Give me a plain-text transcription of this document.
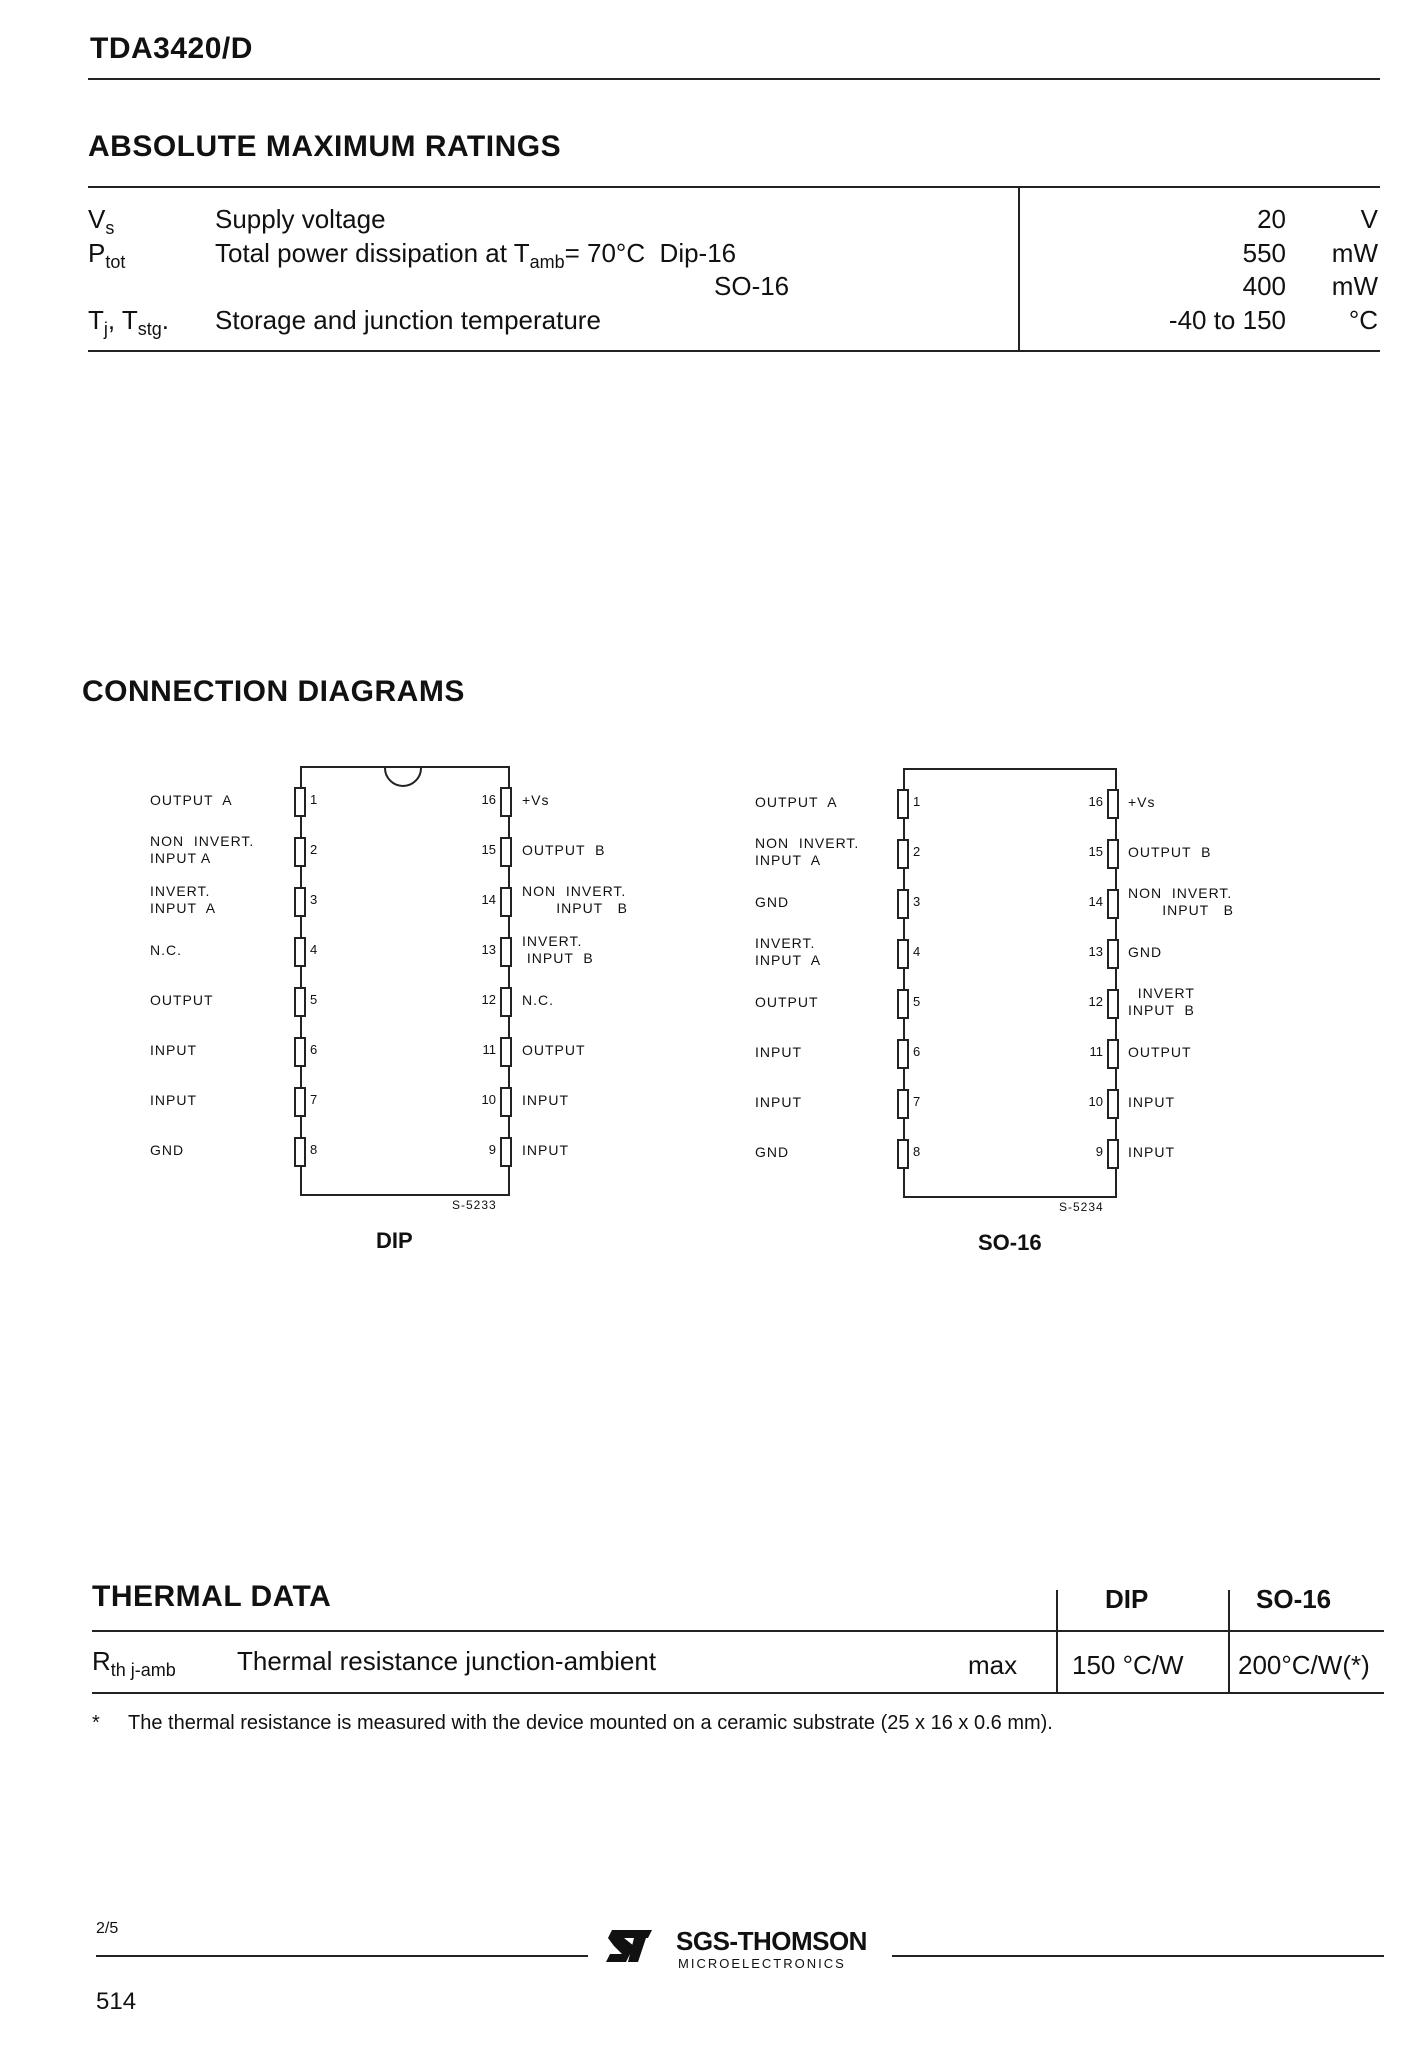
TDA3420/D
ABSOLUTE MAXIMUM RATINGS
$V_s$	Supply voltage	20	V
$P_{tot}$	Total power dissipation at $T_{amb}= 70^\circ C$  Dip-16	550	mW
SO-16	400	mW
$T_j$, $T_{stg}$. Storage and junction temperature	-40 to 150	°C
CONNECTION DIAGRAMS
1
OUTPUT  A
2
NON  INVERT.
INPUT A
3
INVERT.
INPUT  A
4
N.C.
5
OUTPUT
6
INPUT
7
INPUT
8
GND
16 +Vs
15 OUTPUT  B
14
NON  INVERT.
INPUT   B
13
INVERT.
INPUT  B
12 N.C.
11 OUTPUT
10 INPUT
9 INPUT
S-5233
DIP
1
OUTPUT  A
2
NON  INVERT.
INPUT  A
3
GND
4
INVERT.
INPUT  A
5
OUTPUT
6
INPUT
7
INPUT
8
GND
16 +Vs
15 OUTPUT  B
14
NON  INVERT.
INPUT   B
13 GND
12
INVERT
INPUT  B
11 OUTPUT
10 INPUT
9 INPUT
S-5234
SO-16
THERMAL DATA	DIP	SO-16
$R_{th j-amb}$ Thermal resistance junction-ambient	max 150 °C/W 200°C/W(*)
* The thermal resistance is measured with the device mounted on a ceramic substrate (25 x 16 x 0.6 mm).
2/5	SGS-THOMSON
MICROELECTRONICS
514
